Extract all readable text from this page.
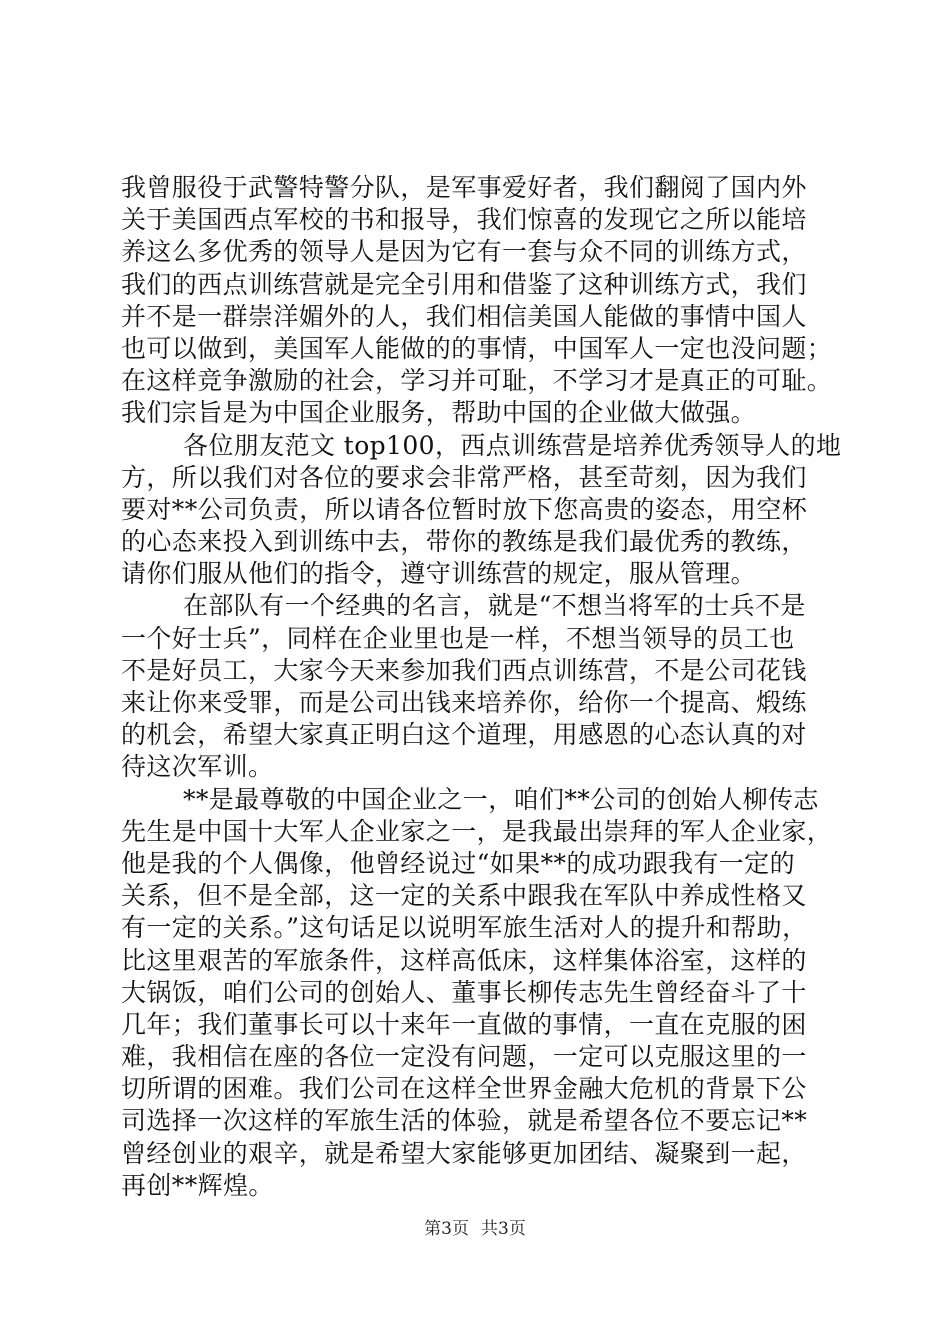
我曾服役于武警特警分队，是军事爱好者，我们翻阅了国内外
关于美国西点军校的书和报导，我们惊喜的发现它之所以能培
养这么多优秀的领导人是因为它有一套与众不同的训练方式，
我们的西点训练营就是完全引用和借鉴了这种训练方式，我们
并不是一群崇洋媚外的人，我们相信美国人能做的事情中国人
也可以做到，美国军人能做的的事情，中国军人一定也没问题；
在这样竞争激励的社会，学习并可耻，不学习才是真正的可耻。
我们宗旨是为中国企业服务，帮助中国的企业做大做强。
各位朋友范文 top100，西点训练营是培养优秀领导人的地
方，所以我们对各位的要求会非常严格，甚至苛刻，因为我们
要对**公司负责，所以请各位暂时放下您高贵的姿态，用空杯
的心态来投入到训练中去，带你的教练是我们最优秀的教练，
请你们服从他们的指令，遵守训练营的规定，服从管理。
在部队有一个经典的名言，就是“不想当将军的士兵不是
一个好士兵”，同样在企业里也是一样，不想当领导的员工也
不是好员工，大家今天来参加我们西点训练营，不是公司花钱
来让你来受罪，而是公司出钱来培养你，给你一个提高、煅练
的机会，希望大家真正明白这个道理，用感恩的心态认真的对
待这次军训。
**是最尊敬的中国企业之一，咱们**公司的创始人柳传志
先生是中国十大军人企业家之一，是我最出崇拜的军人企业家，
他是我的个人偶像，他曾经说过“如果**的成功跟我有一定的
关系，但不是全部，这一定的关系中跟我在军队中养成性格又
有一定的关系。”这句话足以说明军旅生活对人的提升和帮助，
比这里艰苦的军旅条件，这样高低床，这样集体浴室，这样的
大锅饭，咱们公司的创始人、董事长柳传志先生曾经奋斗了十
几年；我们董事长可以十来年一直做的事情，一直在克服的困
难，我相信在座的各位一定没有问题，一定可以克服这里的一
切所谓的困难。我们公司在这样全世界金融大危机的背景下公
司选择一次这样的军旅生活的体验，就是希望各位不要忘记**
曾经创业的艰辛，就是希望大家能够更加团结、凝聚到一起，
再创**辉煌。
第3页 共3页
